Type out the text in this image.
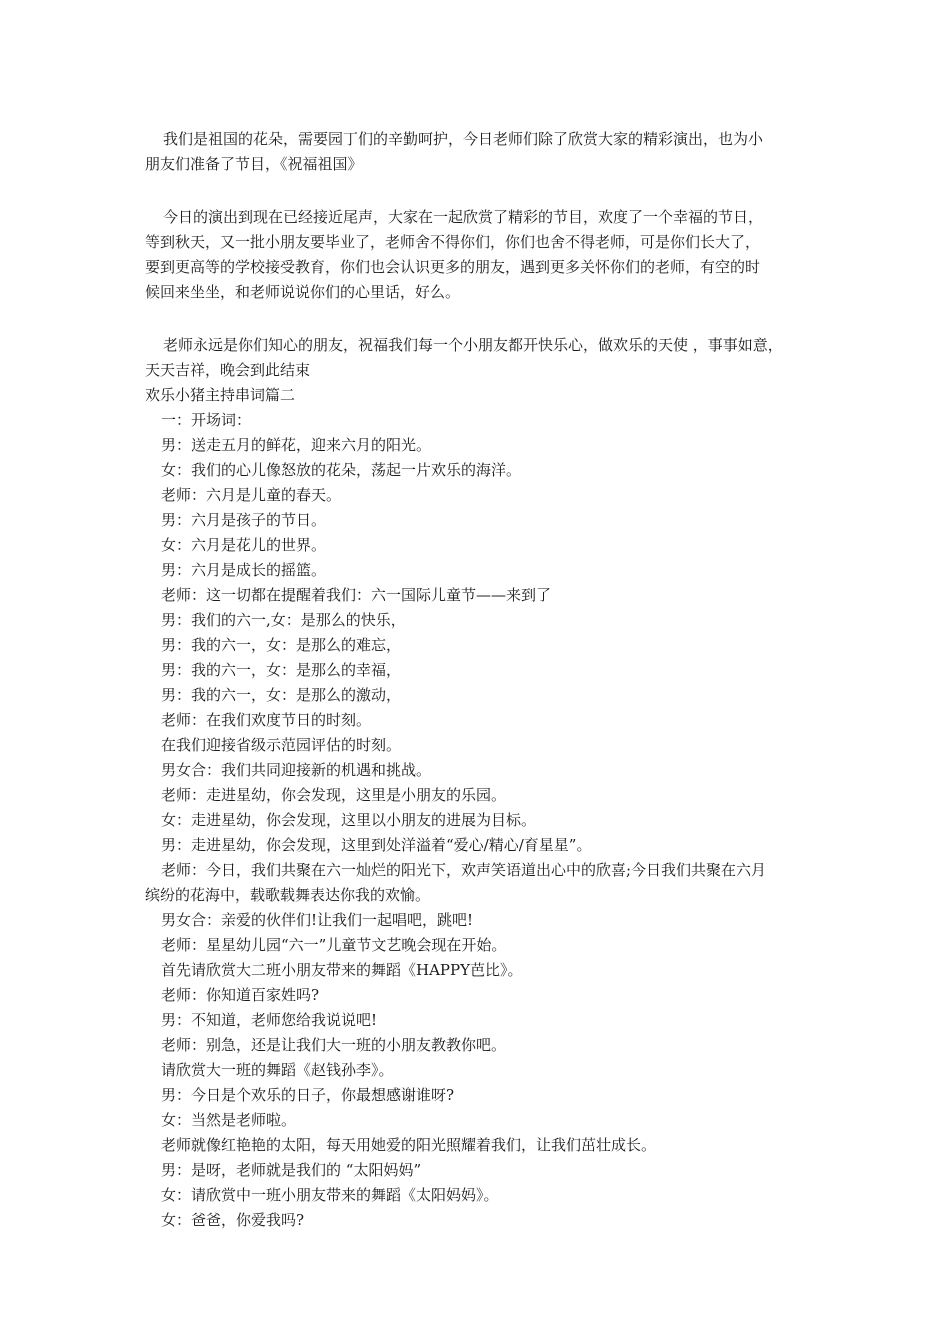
我们是祖国的花朵，需要园丁们的辛勤呵护，今日老师们除了欣赏大家的精彩演出，也为小
朋友们准备了节目，《祝福祖国》
今日的演出到现在已经接近尾声，大家在一起欣赏了精彩的节目，欢度了一个幸福的节日，
等到秋天，又一批小朋友要毕业了，老师舍不得你们，你们也舍不得老师，可是你们长大了，
要到更高等的学校接受教育，你们也会认识更多的朋友，遇到更多关怀你们的老师，有空的时
候回来坐坐，和老师说说你们的心里话，好么。
老师永远是你们知心的朋友，祝福我们每一个小朋友都开快乐心，做欢乐的天使 ，事事如意，
天天吉祥，晚会到此结束
欢乐小猪主持串词篇二
一：开场词：
男：送走五月的鲜花，迎来六月的阳光。
女：我们的心儿像怒放的花朵，荡起一片欢乐的海洋。
老师：六月是儿童的春天。
男：六月是孩子的节日。
女：六月是花儿的世界。
男：六月是成长的摇篮。
老师：这一切都在提醒着我们：六一国际儿童节——来到了
男：我们的六一,女：是那么的快乐，
男：我的六一，女：是那么的难忘，
男：我的六一，女：是那么的幸福，
男：我的六一，女：是那么的激动，
老师：在我们欢度节日的时刻。
在我们迎接省级示范园评估的时刻。
男女合：我们共同迎接新的机遇和挑战。
老师：走进星幼，你会发现，这里是小朋友的乐园。
女：走进星幼，你会发现，这里以小朋友的进展为目标。
男：走进星幼，你会发现，这里到处洋溢着“爱心/精心/育星星”。
老师：今日，我们共聚在六一灿烂的阳光下，欢声笑语道出心中的欣喜;今日我们共聚在六月
缤纷的花海中，载歌载舞表达你我的欢愉。
男女合：亲爱的伙伴们!让我们一起唱吧，跳吧!
老师：星星幼儿园“六一”儿童节文艺晚会现在开始。
首先请欣赏大二班小朋友带来的舞蹈《HAPPY芭比》。
老师：你知道百家姓吗?
男：不知道，老师您给我说说吧!
老师：别急，还是让我们大一班的小朋友教教你吧。
请欣赏大一班的舞蹈《赵钱孙李》。
男：今日是个欢乐的日子，你最想感谢谁呀?
女：当然是老师啦。
老师就像红艳艳的太阳，每天用她爱的阳光照耀着我们，让我们茁壮成长。
男：是呀，老师就是我们的 “太阳妈妈”
女：请欣赏中一班小朋友带来的舞蹈《太阳妈妈》。
女：爸爸，你爱我吗?
